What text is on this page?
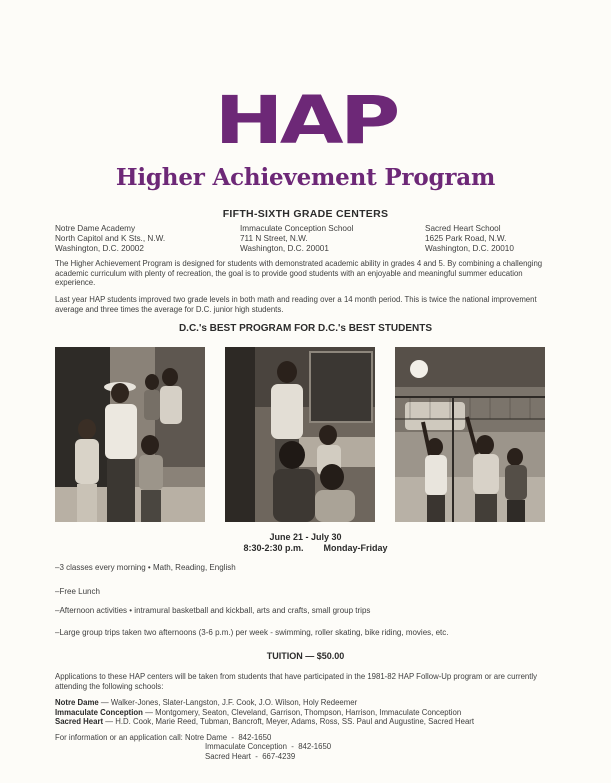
HAP
Higher Achievement Program
FIFTH-SIXTH GRADE CENTERS
Notre Dame Academy
North Capitol and K Sts., N.W.
Washington, D.C. 20002
Immaculate Conception School
711 N Street, N.W.
Washington, D.C. 20001
Sacred Heart School
1625 Park Road, N.W.
Washington, D.C. 20010
The Higher Achievement Program is designed for students with demonstrated academic ability in grades 4 and 5. By combining a challenging academic curriculum with plenty of recreation, the goal is to provide good students with an enjoyable and meaningful summer education experience.
Last year HAP students improved two grade levels in both math and reading over a 14 month period. This is twice the national improvement average and three times the average for D.C. junior high students.
D.C.'s BEST PROGRAM FOR D.C.'s BEST STUDENTS
June 21 - July 30
8:30-2:30 p.m. Monday-Friday
–3 classes every morning • Math, Reading, English
–Free Lunch
–Afternoon activities • intramural basketball and kickball, arts and crafts, small group trips
–Large group trips taken two afternoons (3-6 p.m.) per week - swimming, roller skating, bike riding, movies, etc.
TUITION — $50.00
Applications to these HAP centers will be taken from students that have participated in the 1981-82 HAP Follow-Up program or are currently attending the following schools:
Notre Dame — Walker-Jones, Slater-Langston, J.F. Cook, J.O. Wilson, Holy Redeemer
Immaculate Conception — Montgomery, Seaton, Cleveland, Garrison, Thompson, Harrison, Immaculate Conception
Sacred Heart — H.D. Cook, Marie Reed, Tubman, Bancroft, Meyer, Adams, Ross, SS. Paul and Augustine, Sacred Heart
For information or an application call: Notre Dame  -  842-1650
Immaculate Conception  -  842-1650
Sacred Heart  -  667-4239
